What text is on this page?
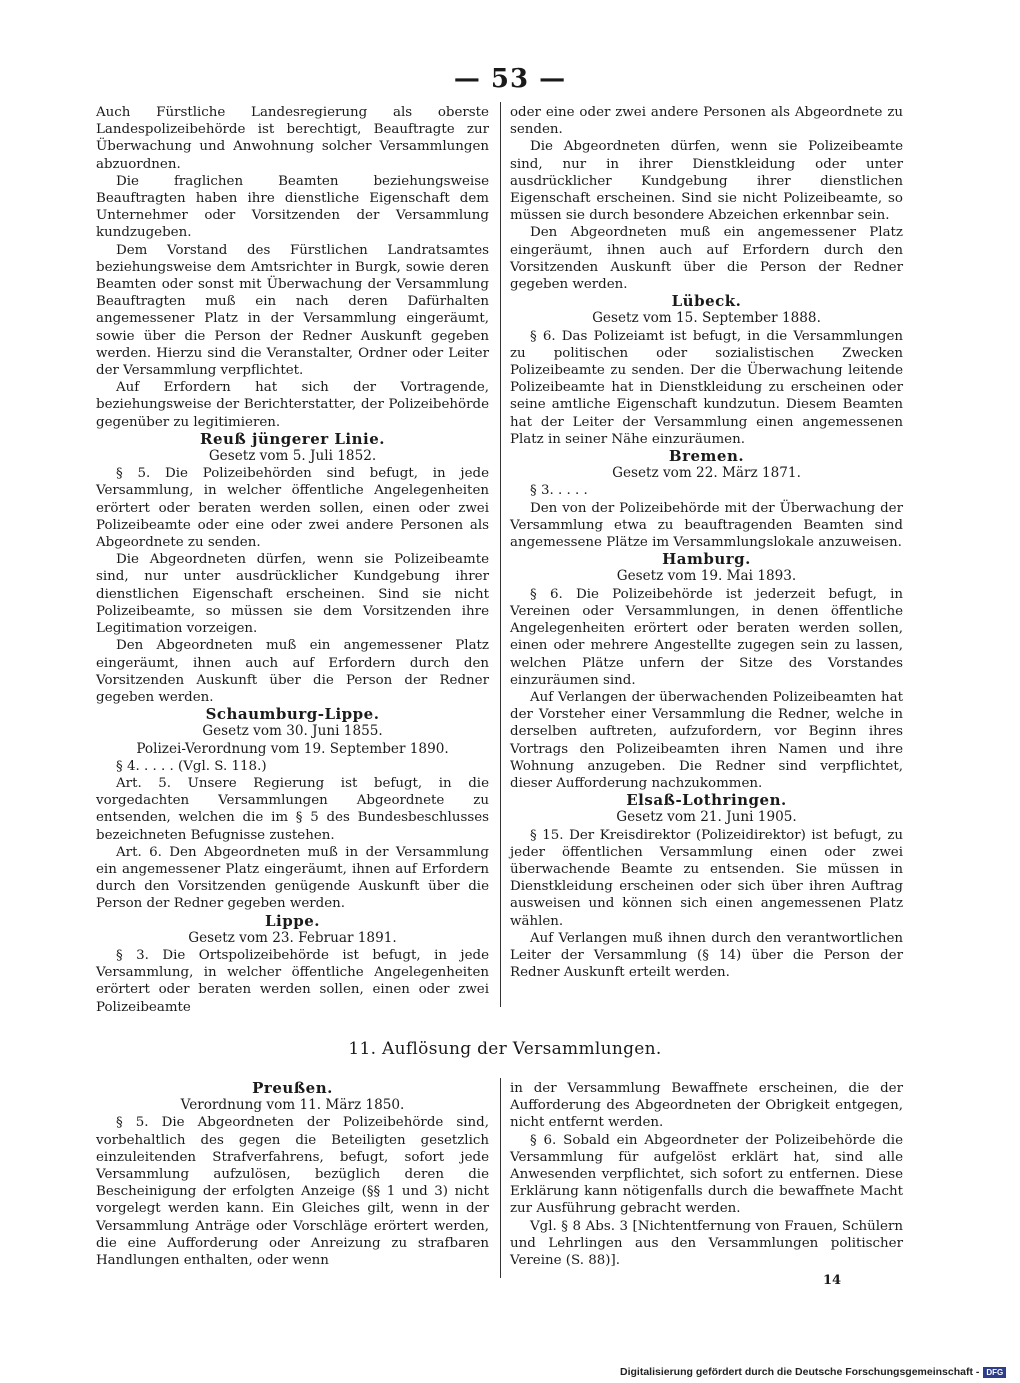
— 53 —

Auch Fürstliche Landesregierung als oberste Landespolizeibehörde ist berechtigt, Beauftragte zur Überwachung und Anwohnung solcher Versammlungen abzuordnen.

Die fraglichen Beamten beziehungsweise Beauftragten haben ihre dienstliche Eigenschaft dem Unternehmer oder Vorsitzenden der Versammlung kundzugeben.

Dem Vorstand des Fürstlichen Landratsamtes beziehungsweise dem Amtsrichter in Burgk, sowie deren Beamten oder sonst mit Überwachung der Versammlung Beauftragten muß ein nach deren Dafürhalten angemessener Platz in der Versammlung eingeräumt, sowie über die Person der Redner Auskunft gegeben werden. Hierzu sind die Veranstalter, Ordner oder Leiter der Versammlung verpflichtet.

Auf Erfordern hat sich der Vortragende, beziehungsweise der Berichterstatter, der Polizeibehörde gegenüber zu legitimieren.

Reuß jüngerer Linie.

Gesetz vom 5. Juli 1852.

§ 5. Die Polizeibehörden sind befugt, in jede Versammlung, in welcher öffentliche Angelegenheiten erörtert oder beraten werden sollen, einen oder zwei Polizeibeamte oder eine oder zwei andere Personen als Abgeordnete zu senden.

Die Abgeordneten dürfen, wenn sie Polizeibeamte sind, nur unter ausdrücklicher Kundgebung ihrer dienstlichen Eigenschaft erscheinen. Sind sie nicht Polizeibeamte, so müssen sie dem Vorsitzenden ihre Legitimation vorzeigen.

Den Abgeordneten muß ein angemessener Platz eingeräumt, ihnen auch auf Erfordern durch den Vorsitzenden Auskunft über die Person der Redner gegeben werden.

Schaumburg-Lippe.

Gesetz vom 30. Juni 1855.

Polizei-Verordnung vom 19. September 1890.

§ 4. . . . . (Vgl. S. 118.)

Art. 5. Unsere Regierung ist befugt, in die vorgedachten Versammlungen Abgeordnete zu entsenden, welchen die im § 5 des Bundesbeschlusses bezeichneten Befugnisse zustehen.

Art. 6. Den Abgeordneten muß in der Versammlung ein angemessener Platz eingeräumt, ihnen auf Erfordern durch den Vorsitzenden genügende Auskunft über die Person der Redner gegeben werden.

Lippe.

Gesetz vom 23. Februar 1891.

§ 3. Die Ortspolizeibehörde ist befugt, in jede Versammlung, in welcher öffentliche Angelegenheiten erörtert oder beraten werden sollen, einen oder zwei Polizeibeamte

oder eine oder zwei andere Personen als Abgeordnete zu senden.

Die Abgeordneten dürfen, wenn sie Polizeibeamte sind, nur in ihrer Dienstkleidung oder unter ausdrücklicher Kundgebung ihrer dienstlichen Eigenschaft erscheinen. Sind sie nicht Polizeibeamte, so müssen sie durch besondere Abzeichen erkennbar sein.

Den Abgeordneten muß ein angemessener Platz eingeräumt, ihnen auch auf Erfordern durch den Vorsitzenden Auskunft über die Person der Redner gegeben werden.

Lübeck.

Gesetz vom 15. September 1888.

§ 6. Das Polizeiamt ist befugt, in die Versammlungen zu politischen oder sozialistischen Zwecken Polizeibeamte zu senden. Der die Überwachung leitende Polizeibeamte hat in Dienstkleidung zu erscheinen oder seine amtliche Eigenschaft kundzutun. Diesem Beamten hat der Leiter der Versammlung einen angemessenen Platz in seiner Nähe einzuräumen.

Bremen.

Gesetz vom 22. März 1871.

§ 3. . . . .

Den von der Polizeibehörde mit der Überwachung der Versammlung etwa zu beauftragenden Beamten sind angemessene Plätze im Versammlungslokale anzuweisen.

Hamburg.

Gesetz vom 19. Mai 1893.

§ 6. Die Polizeibehörde ist jederzeit befugt, in Vereinen oder Versammlungen, in denen öffentliche Angelegenheiten erörtert oder beraten werden sollen, einen oder mehrere Angestellte zugegen sein zu lassen, welchen Plätze unfern der Sitze des Vorstandes einzuräumen sind.

Auf Verlangen der überwachenden Polizeibeamten hat der Vorsteher einer Versammlung die Redner, welche in derselben auftreten, aufzufordern, vor Beginn ihres Vortrags den Polizeibeamten ihren Namen und ihre Wohnung anzugeben. Die Redner sind verpflichtet, dieser Aufforderung nachzukommen.

Elsaß-Lothringen.

Gesetz vom 21. Juni 1905.

§ 15. Der Kreisdirektor (Polizeidirektor) ist befugt, zu jeder öffentlichen Versammlung einen oder zwei überwachende Beamte zu entsenden. Sie müssen in Dienstkleidung erscheinen oder sich über ihren Auftrag ausweisen und können sich einen angemessenen Platz wählen.

Auf Verlangen muß ihnen durch den verantwortlichen Leiter der Versammlung (§ 14) über die Person der Redner Auskunft erteilt werden.

11. Auflösung der Versammlungen.

Preußen.

Verordnung vom 11. März 1850.

§ 5. Die Abgeordneten der Polizeibehörde sind, vorbehaltlich des gegen die Beteiligten gesetzlich einzuleitenden Strafverfahrens, befugt, sofort jede Versammlung aufzulösen, bezüglich deren die Bescheinigung der erfolgten Anzeige (§§ 1 und 3) nicht vorgelegt werden kann. Ein Gleiches gilt, wenn in der Versammlung Anträge oder Vorschläge erörtert werden, die eine Aufforderung oder Anreizung zu strafbaren Handlungen enthalten, oder wenn

in der Versammlung Bewaffnete erscheinen, die der Aufforderung des Abgeordneten der Obrigkeit entgegen, nicht entfernt werden.

§ 6. Sobald ein Abgeordneter der Polizeibehörde die Versammlung für aufgelöst erklärt hat, sind alle Anwesenden verpflichtet, sich sofort zu entfernen. Diese Erklärung kann nötigenfalls durch die bewaffnete Macht zur Ausführung gebracht werden.

Vgl. § 8 Abs. 3 [Nichtentfernung von Frauen, Schülern und Lehrlingen aus den Versammlungen politischer Vereine (S. 88)].

14
Digitalisierung gefördert durch die Deutsche Forschungsgemeinschaft - DFG
